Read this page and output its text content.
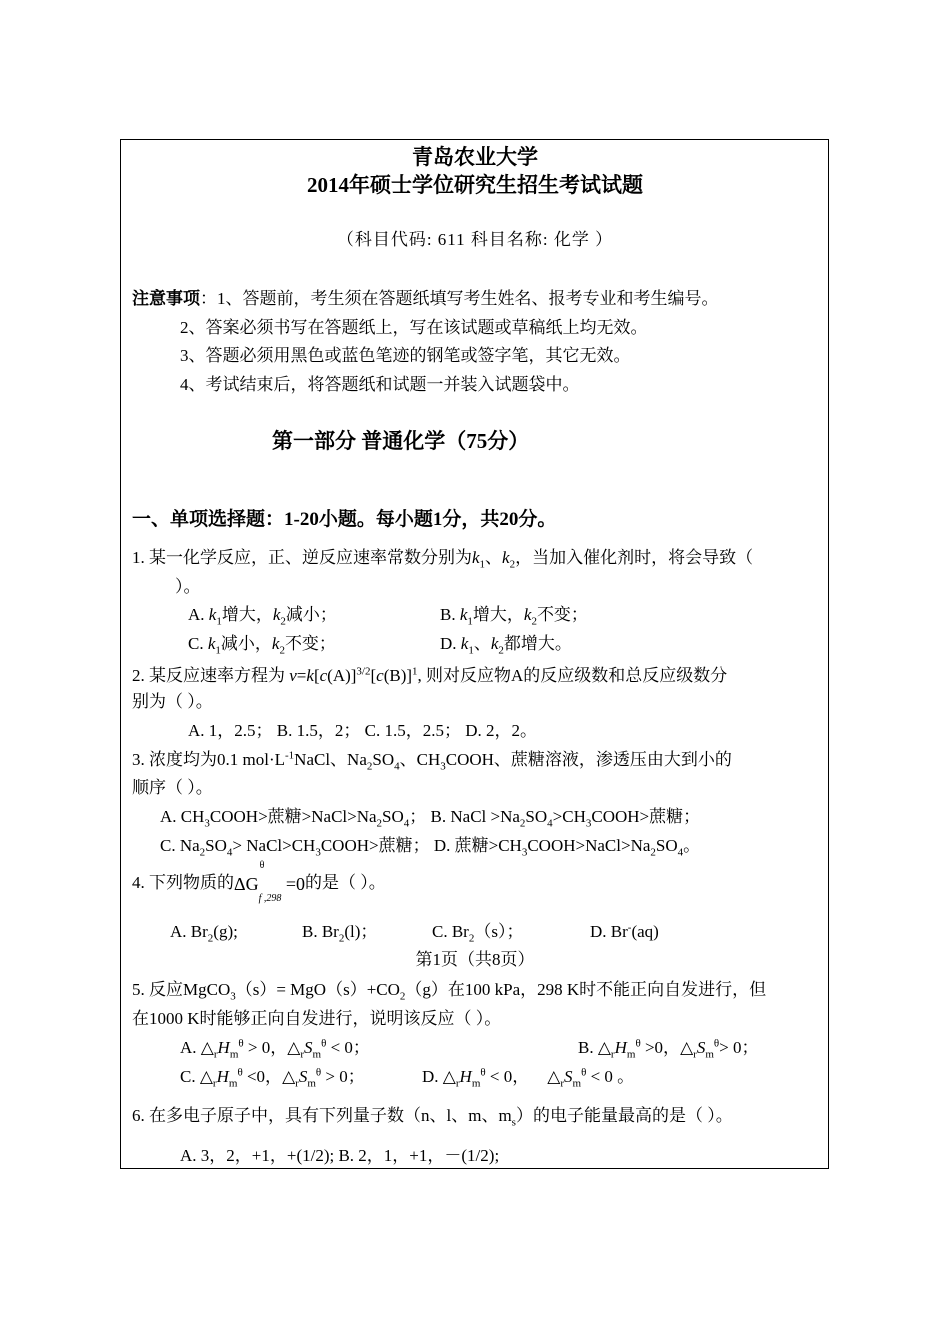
青岛农业大学
2014年硕士学位研究生招生考试试题
（科目代码: 611 科目名称: 化学 ）
注意事项：1、答题前，考生须在答题纸填写考生姓名、报考专业和考生编号。
2、答案必须书写在答题纸上，写在该试题或草稿纸上均无效。
3、答题必须用黑色或蓝色笔迹的钢笔或签字笔，其它无效。
4、考试结束后，将答题纸和试题一并装入试题袋中。
第一部分 普通化学（75分）
一、单项选择题：1-20小题。每小题1分，共20分。
1. 某一化学反应，正、逆反应速率常数分别为$k_1$、$k_2$，当加入催化剂时，将会导致（
）。
A. $k_1$增大，$k_2$减小；	B. $k_1$增大，$k_2$不变；
C. $k_1$减小，$k_2$不变；	D. $k_1$、$k_2$都增大。
2. 某反应速率方程为 $v=k[c(A)]^{3/2}[c(B)]^1$, 则对反应物A的反应级数和总反应级数分
别为（ ）。
A. 1，2.5； B. 1.5，2； C. 1.5，2.5； D. 2，2。
3. 浓度均为0.1 $mol\cdot L^{-1}NaCl$、$Na_2SO_4$、$CH_3COOH$、蔗糖溶液，渗透压由大到小的
顺序（ ）。
A. $CH_3COOH>$蔗糖$>NaCl>Na_2SO_4$； B. NaCl $>Na_2SO_4>CH_3COOH>$蔗糖；
C. $Na_2SO_4>$ $NaCl>CH_3COOH>$蔗糖； D. 蔗糖$>CH_3COOH>NaCl>Na_2SO_4$。
4. 下列物质的ΔG
θ
$_{f ,298}$ =0的是（ ）。
A. $Br_2(g)$;	B. $Br_2(l)$；	C. $Br_2(s)$；	D. Br-(aq)
第1页（共8页）
5. 反应MgCO$_3$（s）= $MgO(s)+CO_2(g)$在100 kPa，298 K时不能正向自发进行，但
在1000 K时能够正向自发进行，说明该反应（ ）。
A. $\triangle_rH_m^\theta > 0$，$\triangle_rS_m^\theta < 0$；	B. $\triangle_rH_m^\theta >0$，$\triangle_rS_m^\theta> 0$；
C. $\triangle_rH_m^\theta <0$，$\triangle_rS_m^\theta > 0$；	D. $\triangle_rH_m^\theta < 0$， $\triangle_rS_m^\theta < 0$ 。
6. 在多电子原子中，具有下列量子数（n、l、m、$m_s$）的电子能量最高的是（ ）。
A. 3，2，+1，+(1/2); B. 2，1，+1，－(1/2);
